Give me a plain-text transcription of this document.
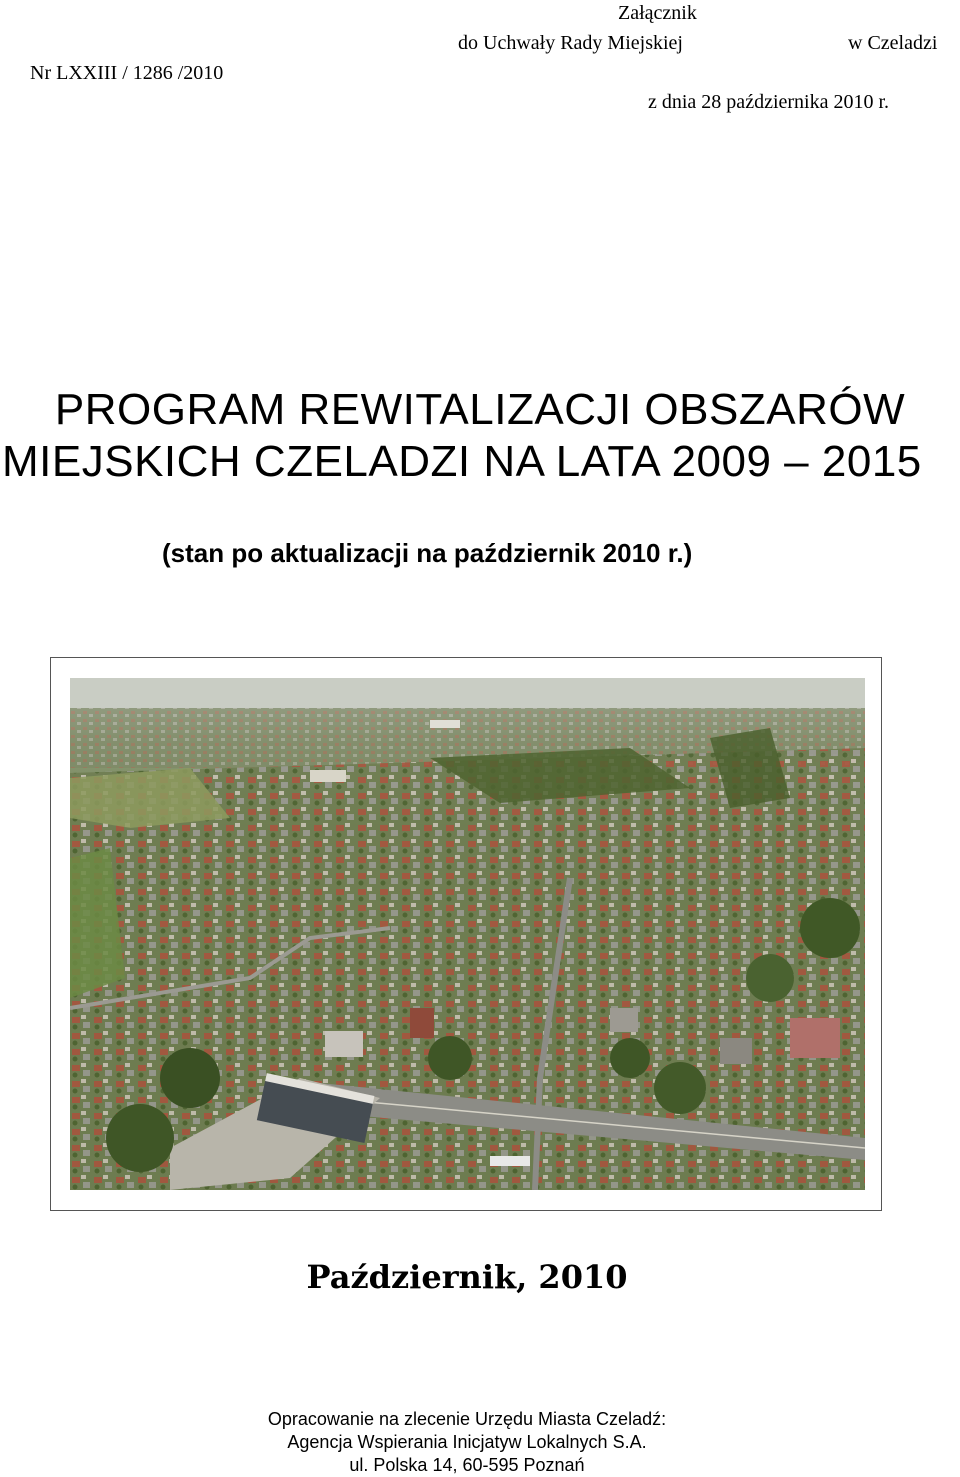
Załącznik
do Uchwały Rady Miejskiej	w Czeladzi
Nr LXXIII / 1286 /2010
z dnia 28 października 2010 r.
PROGRAM REWITALIZACJI OBSZARÓW
MIEJSKICH CZELADZI NA LATA 2009 – 2015
(stan po aktualizacji na październik 2010 r.)
Październik, 2010
Opracowanie na zlecenie Urzędu Miasta Czeladź:
Agencja Wspierania Inicjatyw Lokalnych S.A.
ul. Polska 14, 60-595 Poznań
